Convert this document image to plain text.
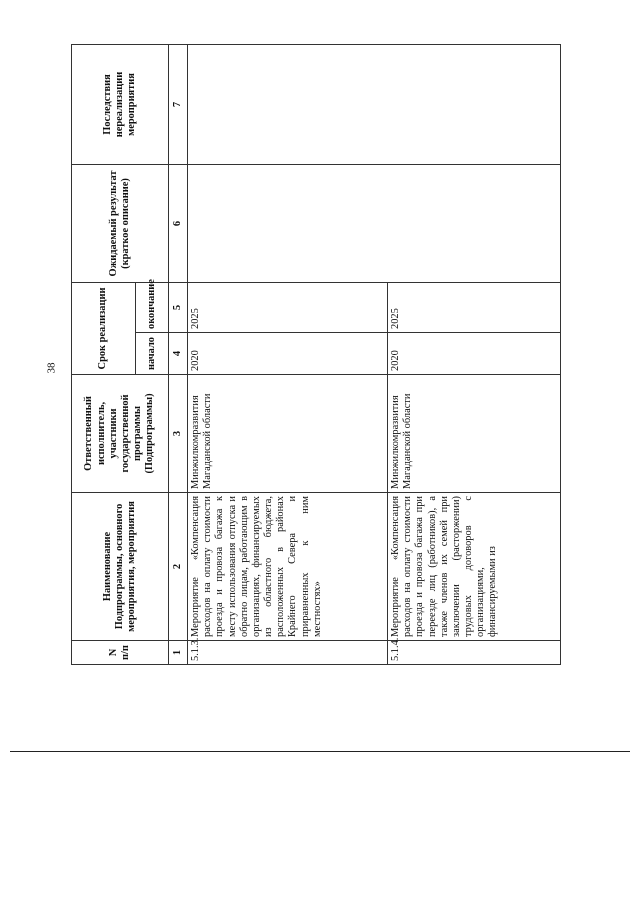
38
N п/п	Наименование Подпрограммы, основного мероприятия, мероприятия	Ответственный исполнитель, участники государственной программы (Подпрограммы)	Срок реализации		Ожидаемый результат (краткое описание)	Последствия нереализации мероприятия
			начало	окончание		
1	2	3	4	5	6	7
5.1.3.	Мероприятие «Компенсация расходов на оплату стоимости проезда и провоза багажа к месту использования отпуска и обратно лицам, работающим в организациях, финансируемых из областного бюджета, расположенных в районах Крайнего Севера и приравненных к ним местностях»	Минжилкомразвития Магаданской области	2020	2025		
5.1.4.	Мероприятие «Компенсация расходов на оплату стоимости проезда и провоза багажа при переезде лиц (работников), а также членов их семей при заключении (расторжении) трудовых договоров с организациями, финансируемыми из	Минжилкомразвития Магаданской области	2020	2025		
